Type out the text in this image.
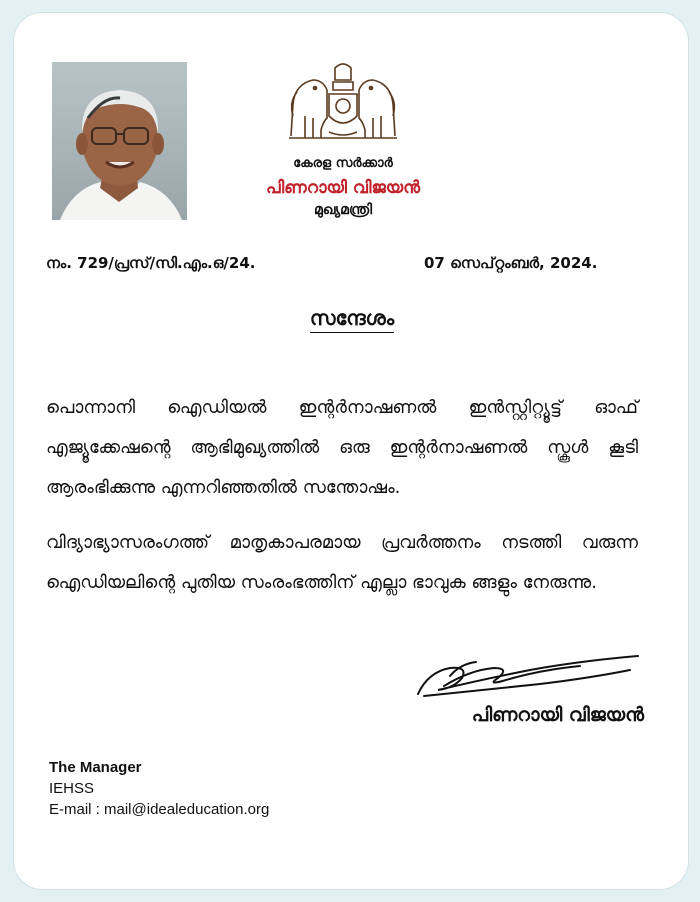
കേരള സർക്കാർ
പിണറായി വിജയൻ
മുഖ്യമന്ത്രി
നം. 729/പ്രസ്/സി.എം.ഒ/24.	07 സെപ്റ്റംബർ, 2024.
സന്ദേശം
പൊന്നാനി ഐഡിയൽ ഇന്റർനാഷണൽ ഇൻസ്റ്റിറ്റ്യൂട്ട് ഓഫ് എജ്യൂക്കേഷന്റെ ആഭിമുഖ്യത്തിൽ ഒരു ഇന്റർനാഷണൽ സ്കൂൾ കൂടി ആരംഭിക്കുന്നു എന്നറിഞ്ഞതിൽ സന്തോഷം.
വിദ്യാഭ്യാസരംഗത്ത് മാതൃകാപരമായ പ്രവർത്തനം നടത്തി വരുന്ന ഐഡിയലിന്റെ പുതിയ സംരംഭത്തിന് എല്ലാ ഭാവുക ങ്ങളും നേരുന്നു.
പിണറായി വിജയൻ
The Manager
IEHSS
E-mail : mail@idealeducation.org
